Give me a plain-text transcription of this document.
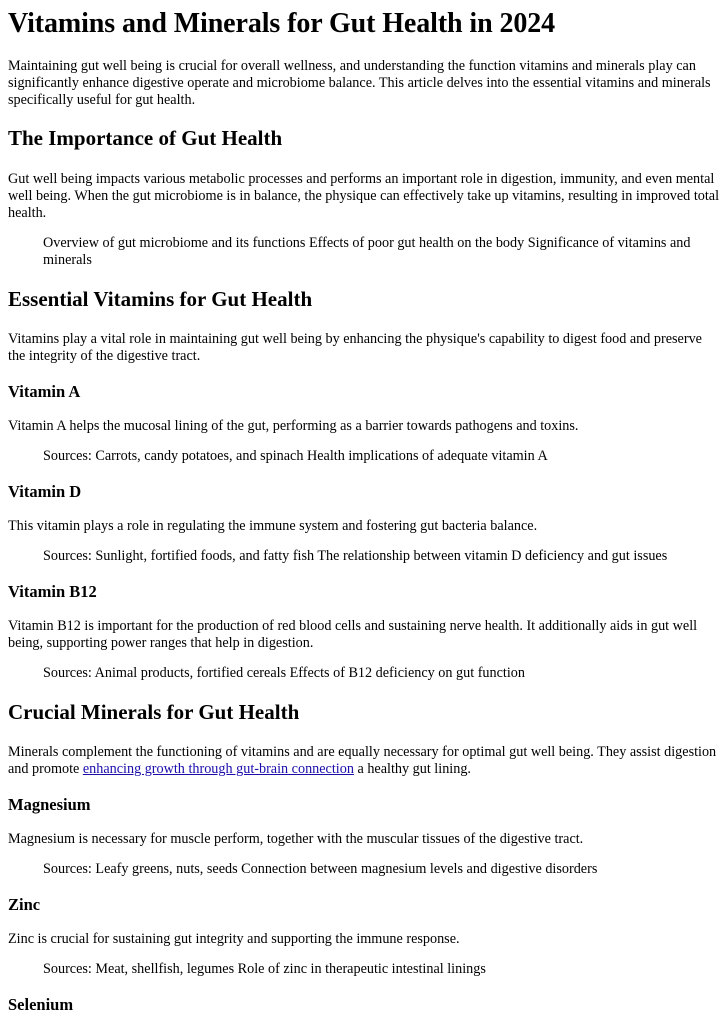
Vitamins and Minerals for Gut Health in 2024

Maintaining gut well being is crucial for overall wellness, and understanding the function vitamins and minerals play can significantly enhance digestive operate and microbiome balance. This article delves into the essential vitamins and minerals specifically useful for gut health.

The Importance of Gut Health

Gut well being impacts various metabolic processes and performs an important role in digestion, immunity, and even mental well being. When the gut microbiome is in balance, the physique can effectively take up vitamins, resulting in improved total health.

Overview of gut microbiome and its functions Effects of poor gut health on the body Significance of vitamins and minerals

Essential Vitamins for Gut Health

Vitamins play a vital role in maintaining gut well being by enhancing the physique's capability to digest food and preserve the integrity of the digestive tract.

Vitamin A

Vitamin A helps the mucosal lining of the gut, performing as a barrier towards pathogens and toxins.

Sources: Carrots, candy potatoes, and spinach Health implications of adequate vitamin A

Vitamin D

This vitamin plays a role in regulating the immune system and fostering gut bacteria balance.

Sources: Sunlight, fortified foods, and fatty fish The relationship between vitamin D deficiency and gut issues

Vitamin B12

Vitamin B12 is important for the production of red blood cells and sustaining nerve health. It additionally aids in gut well being, supporting power ranges that help in digestion.

Sources: Animal products, fortified cereals Effects of B12 deficiency on gut function

Crucial Minerals for Gut Health

Minerals complement the functioning of vitamins and are equally necessary for optimal gut well being. They assist digestion and promote enhancing growth through gut-brain connection a healthy gut lining.

Magnesium

Magnesium is necessary for muscle perform, together with the muscular tissues of the digestive tract.

Sources: Leafy greens, nuts, seeds Connection between magnesium levels and digestive disorders

Zinc

Zinc is crucial for sustaining gut integrity and supporting the immune response.

Sources: Meat, shellfish, legumes Role of zinc in therapeutic intestinal linings

Selenium
